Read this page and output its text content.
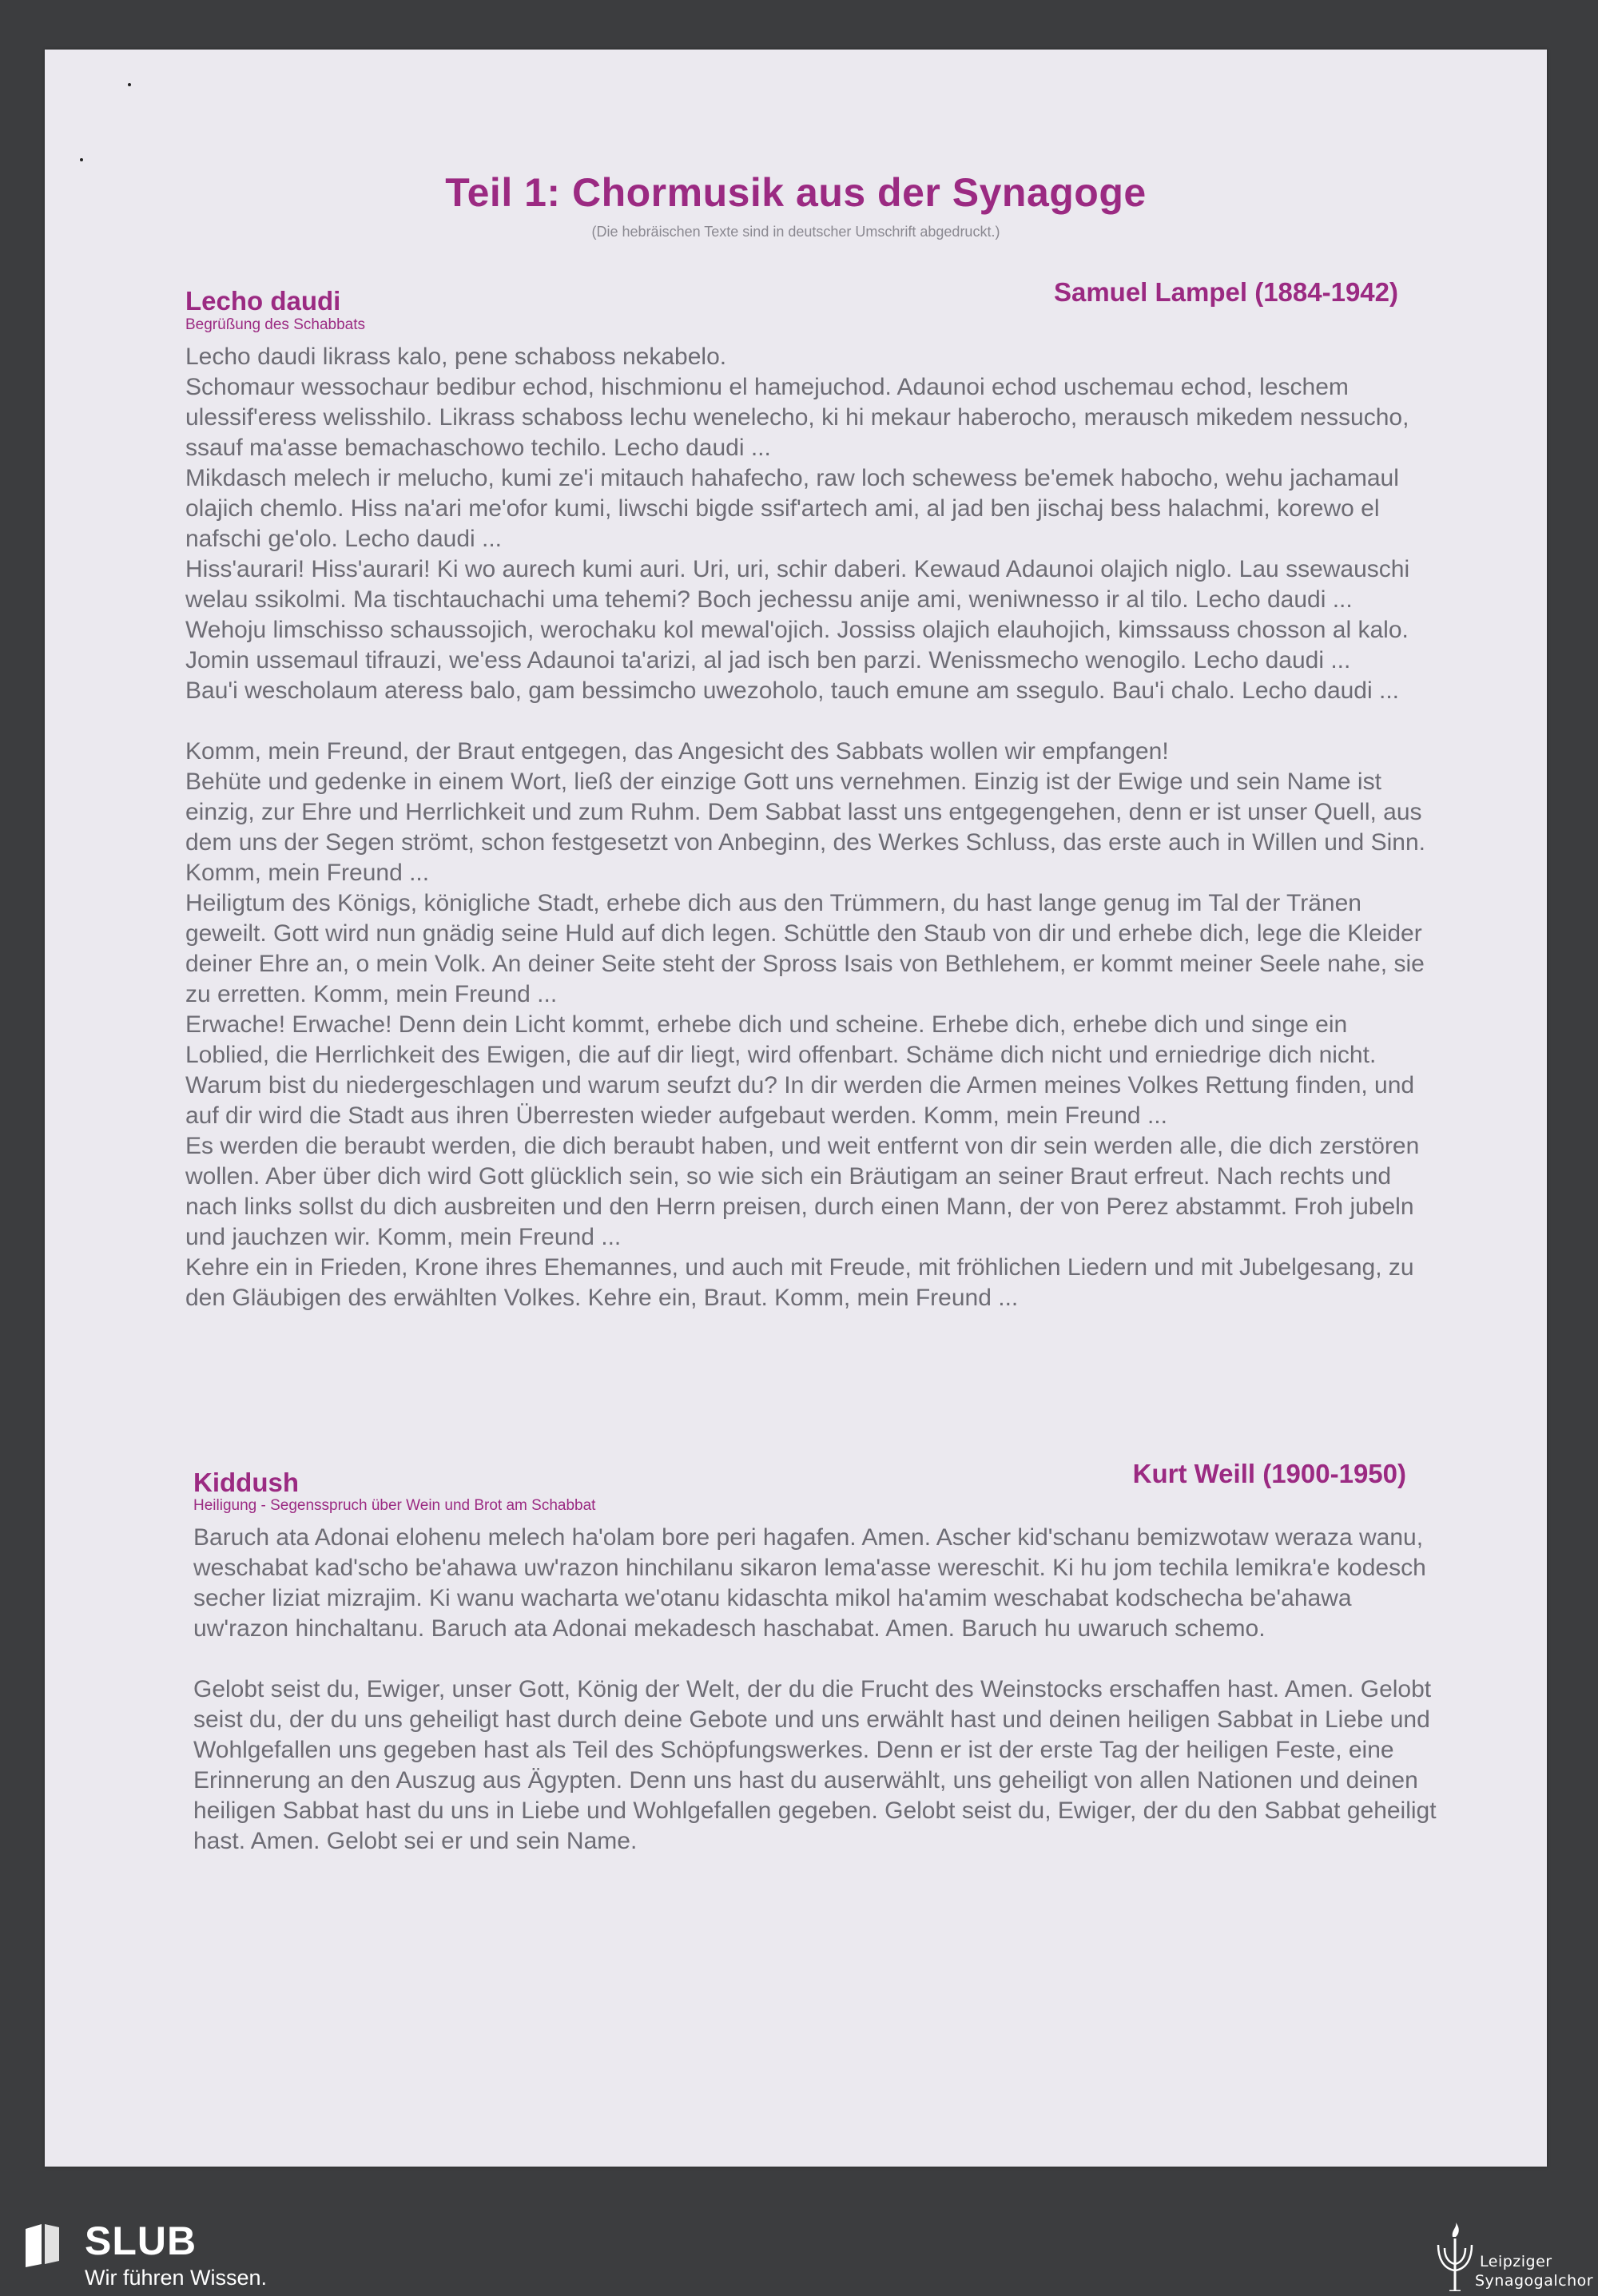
Teil 1: Chormusik aus der Synagoge
(Die hebräischen Texte sind in deutscher Umschrift abgedruckt.)
Lecho daudi	Samuel Lampel (1884-1942)
Begrüßung des Schabbats

Lecho daudi likrass kalo, pene schaboss nekabelo.

Schomaur wessochaur bedibur echod, hischmionu el hamejuchod. Adaunoi echod uschemau echod, leschem ulessif'eress welisshilo. Likrass schaboss lechu wenelecho, ki hi mekaur haberocho, merausch mikedem nessucho, ssauf ma'asse bemachaschowo techilo. Lecho daudi ...

Mikdasch melech ir melucho, kumi ze'i mitauch hahafecho, raw loch schewess be'emek habocho, wehu jachamaul olajich chemlo. Hiss na'ari me'ofor kumi, liwschi bigde ssif'artech ami, al jad ben jischaj bess halachmi, korewo el nafschi ge'olo. Lecho daudi ...

Hiss'aurari! Hiss'aurari! Ki wo aurech kumi auri. Uri, uri, schir daberi. Kewaud Adaunoi olajich niglo. Lau ssewauschi welau ssikolmi. Ma tischtauchachi uma tehemi? Boch jechessu anije ami, weniwnesso ir al tilo. Lecho daudi ...

Wehoju limschisso schaussojich, werochaku kol mewal'ojich. Jossiss olajich elauhojich, kimssauss chosson al kalo. Jomin ussemaul tifrauzi, we'ess Adaunoi ta'arizi, al jad isch ben parzi. Wenissmecho wenogilo. Lecho daudi ...

Bau'i wescholaum ateress balo, gam bessimcho uwezoholo, tauch emune am ssegulo. Bau'i chalo. Lecho daudi ...

Komm, mein Freund, der Braut entgegen, das Angesicht des Sabbats wollen wir empfangen!

Behüte und gedenke in einem Wort, ließ der einzige Gott uns vernehmen. Einzig ist der Ewige und sein Name ist einzig, zur Ehre und Herrlichkeit und zum Ruhm. Dem Sabbat lasst uns entgegengehen, denn er ist unser Quell, aus dem uns der Segen strömt, schon festgesetzt von Anbeginn, des Werkes Schluss, das erste auch in Willen und Sinn. Komm, mein Freund ...

Heiligtum des Königs, königliche Stadt, erhebe dich aus den Trümmern, du hast lange genug im Tal der Tränen geweilt. Gott wird nun gnädig seine Huld auf dich legen. Schüttle den Staub von dir und erhebe dich, lege die Kleider deiner Ehre an, o mein Volk. An deiner Seite steht der Spross Isais von Bethlehem, er kommt meiner Seele nahe, sie zu erretten. Komm, mein Freund ...

Erwache! Erwache! Denn dein Licht kommt, erhebe dich und scheine. Erhebe dich, erhebe dich und singe ein Loblied, die Herrlichkeit des Ewigen, die auf dir liegt, wird offenbart. Schäme dich nicht und erniedrige dich nicht. Warum bist du niedergeschlagen und warum seufzt du? In dir werden die Armen meines Volkes Rettung finden, und auf dir wird die Stadt aus ihren Überresten wieder aufgebaut werden. Komm, mein Freund ...

Es werden die beraubt werden, die dich beraubt haben, und weit entfernt von dir sein werden alle, die dich zerstören wollen. Aber über dich wird Gott glücklich sein, so wie sich ein Bräutigam an seiner Braut erfreut. Nach rechts und nach links sollst du dich ausbreiten und den Herrn preisen, durch einen Mann, der von Perez abstammt. Froh jubeln und jauchzen wir. Komm, mein Freund ...

Kehre ein in Frieden, Krone ihres Ehemannes, und auch mit Freude, mit fröhlichen Liedern und mit Jubelgesang, zu den Gläubigen des erwählten Volkes. Kehre ein, Braut. Komm, mein Freund ...

Kiddush	Kurt Weill (1900-1950)
Heiligung - Segensspruch über Wein und Brot am Schabbat

Baruch ata Adonai elohenu melech ha'olam bore peri hagafen. Amen. Ascher kid'schanu bemizwotaw weraza wanu, weschabat kad'scho be'ahawa uw'razon hinchilanu sikaron lema'asse wereschit. Ki hu jom techila lemikra'e kodesch secher liziat mizrajim. Ki wanu wacharta we'otanu kidaschta mikol ha'amim weschabat kodschecha be'ahawa uw'razon hinchaltanu. Baruch ata Adonai mekadesch haschabat. Amen. Baruch hu uwaruch schemo.

Gelobt seist du, Ewiger, unser Gott, König der Welt, der du die Frucht des Weinstocks erschaffen hast. Amen. Gelobt seist du, der du uns geheiligt hast durch deine Gebote und uns erwählt hast und deinen heiligen Sabbat in Liebe und Wohlgefallen uns gegeben hast als Teil des Schöpfungswerkes. Denn er ist der erste Tag der heiligen Feste, eine Erinnerung an den Auszug aus Ägypten. Denn uns hast du auserwählt, uns geheiligt von allen Nationen und deinen heiligen Sabbat hast du uns in Liebe und Wohlgefallen gegeben. Gelobt seist du, Ewiger, der du den Sabbat geheiligt hast. Amen. Gelobt sei er und sein Name.

SLUB
Wir führen Wissen.
Leipziger
Synagogalchor
